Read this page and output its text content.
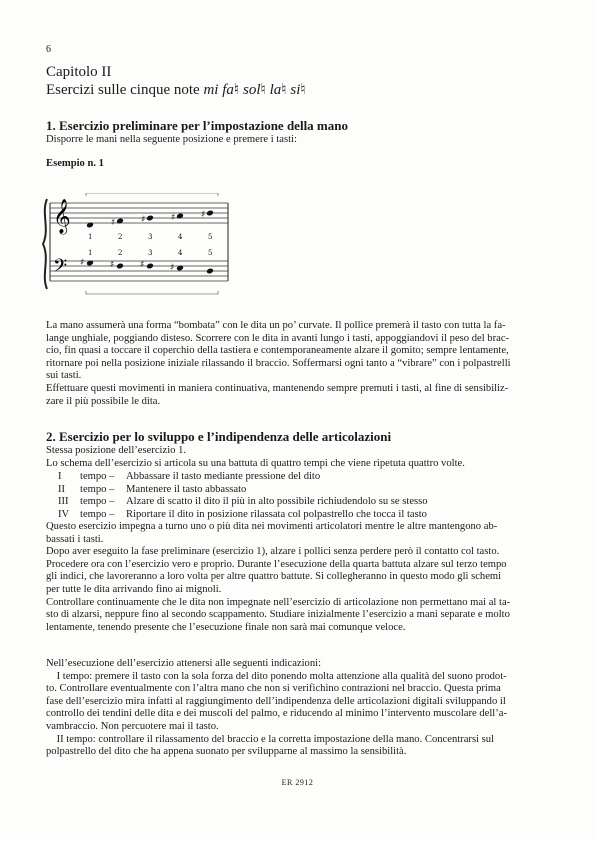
6
Capitolo II
Esercizi sulle cinque note mi fa♮ sol♮ la♮ si♮
1. Esercizio preliminare per l’impostazione della mano
Disporre le mani nella seguente posizione e premere i tasti:
Esempio n. 1
𝄞
𝄢
♯	♯	♯	♯
1	2	3	4	5
1	2	3	4	5
♯	♯	♯	♯

La mano assumerà una forma “bombata” con le dita un po’ curvate. Il pollice premerà il tasto con tutta la fa-

lange unghiale, poggiando disteso. Scorrere con le dita in avanti lungo i tasti, appoggiandovi il peso del brac-

cio, fin quasi a toccare il coperchio della tastiera e contemporaneamente alzare il gomito; sempre lentamente,

ritornare poi nella posizione iniziale rilassando il braccio. Soffermarsi ogni tanto a “vibrare” con i polpastrelli

sui tasti.

Effettuare questi movimenti in maniera continuativa, mantenendo sempre premuti i tasti, al fine di sensibiliz-

zare il più possibile le dita.

2. Esercizio per lo sviluppo e l’indipendenza delle articolazioni

Stessa posizione dell’esercizio 1.

Lo schema dell’esercizio si articola su una battuta di quattro tempi che viene ripetuta quattro volte.

I	tempo –	Abbassare il tasto mediante pressione del dito
II	tempo –	Mantenere il tasto abbassato
III	tempo –	Alzare di scatto il dito il più in alto possibile richiudendolo su se stesso
IV	tempo –	Riportare il dito in posizione rilassata col polpastrello che tocca il tasto

Questo esercizio impegna a turno uno o più dita nei movimenti articolatori mentre le altre mantengono ab-

bassati i tasti.

Dopo aver eseguito la fase preliminare (esercizio 1), alzare i pollici senza perdere però il contatto col tasto.

Procedere ora con l’esercizio vero e proprio. Durante l’esecuzione della quarta battuta alzare sul terzo tempo

gli indici, che lavoreranno a loro volta per altre quattro battute. Si collegheranno in questo modo gli schemi

per tutte le dita arrivando fino ai mignoli.

Controllare continuamente che le dita non impegnate nell’esercizio di articolazione non permettano mai al ta-

sto di alzarsi, neppure fino al secondo scappamento. Studiare inizialmente l’esercizio a mani separate e molto

lentamente, tenendo presente che l’esecuzione finale non sarà mai comunque veloce.

Nell’esecuzione dell’esercizio attenersi alle seguenti indicazioni:

I tempo: premere il tasto con la sola forza del dito ponendo molta attenzione alla qualità del suono prodot-

to. Controllare eventualmente con l’altra mano che non si verifichino contrazioni nel braccio. Questa prima

fase dell’esercizio mira infatti al raggiungimento dell’indipendenza delle articolazioni digitali sviluppando il

controllo dei tendini delle dita e dei muscoli del palmo, e riducendo al minimo l’intervento muscolare dell’a-

vambraccio. Non percuotere mai il tasto.

II tempo: controllare il rilassamento del braccio e la corretta impostazione della mano. Concentrarsi sul

polpastrello del dito che ha appena suonato per svilupparne al massimo la sensibilità.

ER 2912
